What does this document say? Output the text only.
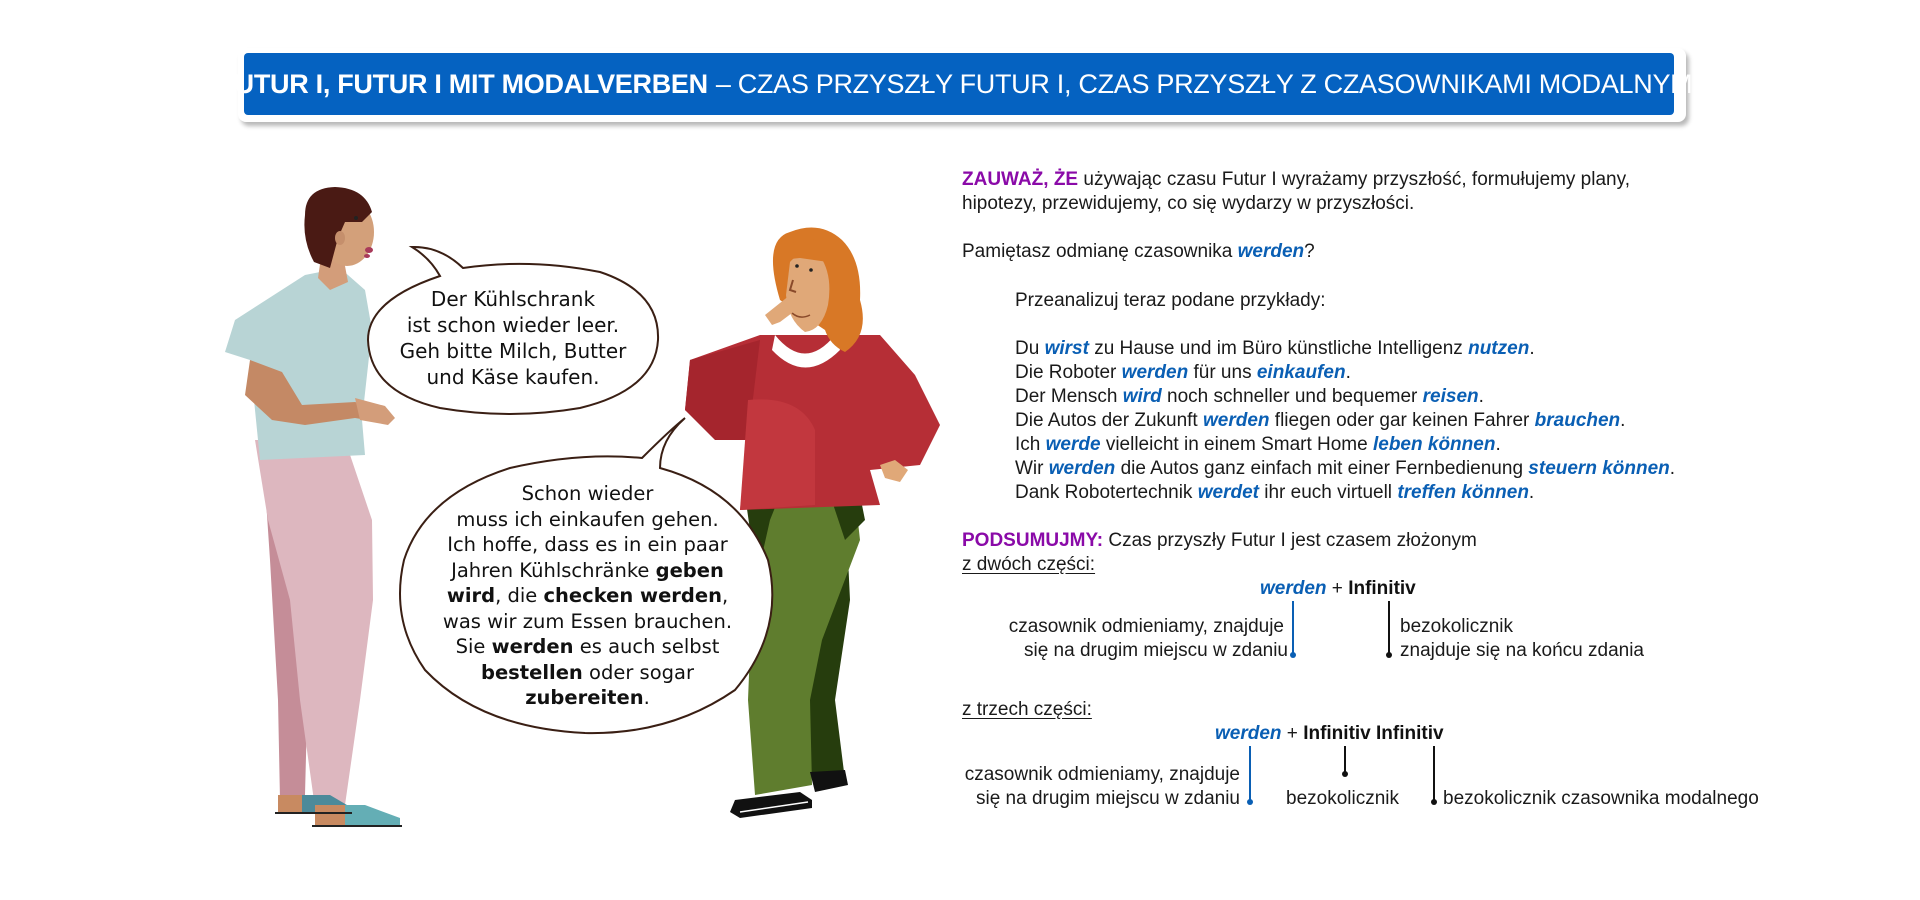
FUTUR I, FUTUR I MIT MODALVERBEN – CZAS PRZYSZŁY FUTUR I, CZAS PRZYSZŁY Z CZASOWNIKAMI MODALNYMI
Der Kühlschrank
ist schon wieder leer.
Geh bitte Milch, Butter
und Käse kaufen.
Schon wieder
muss ich einkaufen gehen.
Ich hoffe, dass es in ein paar
Jahren Kühlschränke geben
wird, die checken werden,
was wir zum Essen brauchen.
Sie werden es auch selbst
bestellen oder sogar
zubereiten.
ZAUWAŻ, ŻE używając czasu Futur I wyrażamy przyszłość, formułujemy plany,
hipotezy, przewidujemy, co się wydarzy w przyszłości.
Pamiętasz odmianę czasownika werden?
Przeanalizuj teraz podane przykłady:
Du wirst zu Hause und im Büro künstliche Intelligenz nutzen.
Die Roboter werden für uns einkaufen.
Der Mensch wird noch schneller und bequemer reisen.
Die Autos der Zukunft werden fliegen oder gar keinen Fahrer brauchen.
Ich werde vielleicht in einem Smart Home leben können.
Wir werden die Autos ganz einfach mit einer Fernbedienung steuern können.
Dank Robotertechnik werdet ihr euch virtuell treffen können.
PODSUMUJMY: Czas przyszły Futur I jest czasem złożonym
z dwóch części:
werden + Infinitiv
czasownik odmieniamy, znajduje
się na drugim miejscu w zdaniu
bezokolicznik
znajduje się na końcu zdania
z trzech części:
werden + Infinitiv Infinitiv
czasownik odmieniamy, znajduje
się na drugim miejscu w zdaniu bezokolicznik bezokolicznik czasownika modalnego
